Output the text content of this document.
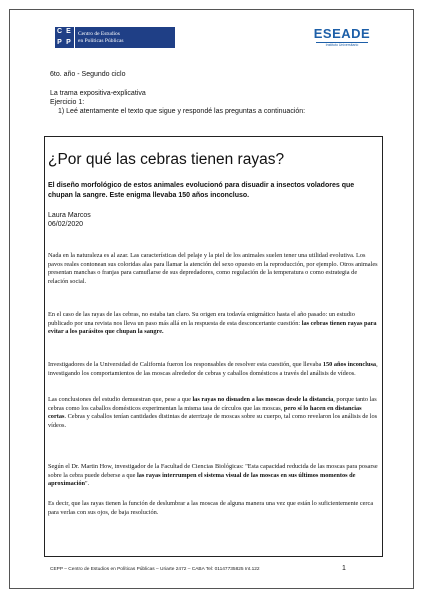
C E
P P
Centro de Estudios
en Políticas Públicas	ESEADE
Instituto Universitario
6to. año - Segundo ciclo
La trama expositiva-explicativa
Ejercicio 1:
1) Leé atentamente el texto que sigue y respondé las preguntas a continuación:
¿Por qué las cebras tienen rayas?
El diseño morfológico de estos animales evolucionó para disuadir a insectos voladores que chupan la sangre. Este enigma llevaba 150 años inconcluso.
Laura Marcos
06/02/2020
Nada en la naturaleza es al azar. Las características del pelaje y la piel de los animales suelen tener una utilidad evolutiva. Los pavos reales contonean sus coloridas alas para llamar la atención del sexo opuesto en la reproducción, por ejemplo. Otros animales presentan manchas o franjas para camuflarse de sus depredadores, como regulación de la temperatura o como estrategia de relación social.
En el caso de las rayas de las cebras, no estaba tan claro. Su origen era todavía enigmático hasta el año pasado: un estudio publicado por una revista nos lleva un paso más allá en la respuesta de esta desconcertante cuestión: las cebras tienen rayas para evitar a los parásitos que chupan la sangre.
Investigadores de la Universidad de California fueron los responsables de resolver esta cuestión, que llevaba 150 años inconclusa, investigando los comportamientos de las moscas alrededor de cebras y caballos domésticos a través del análisis de vídeos.
Las conclusiones del estudio demuestran que, pese a que las rayas no disuaden a las moscas desde la distancia, porque tanto las cebras como los caballos domésticos experimentan la misma tasa de círculos que las moscas, pero sí lo hacen en distancias cortas. Cebras y caballos tenían cantidades distintas de aterrizaje de moscas sobre su cuerpo, tal como revelaron los análisis de los vídeos.
Según el Dr. Martin How, investigador de la Facultad de Ciencias Biológicas: "Esta capacidad reducida de las moscas para posarse sobre la cebra puede deberse a que las rayas interrumpen el sistema visual de las moscas en sus últimos momentos de aproximación".
Es decir, que las rayas tienen la función de deslumbrar a las moscas de alguna manera una vez que están lo suficientemente cerca para verlas con sus ojos, de baja resolución.
CEPP – Centro de Estudios en Políticas Públicas – Uriarte 2472 – CABA Tel: 01147735825 Int.122	1
